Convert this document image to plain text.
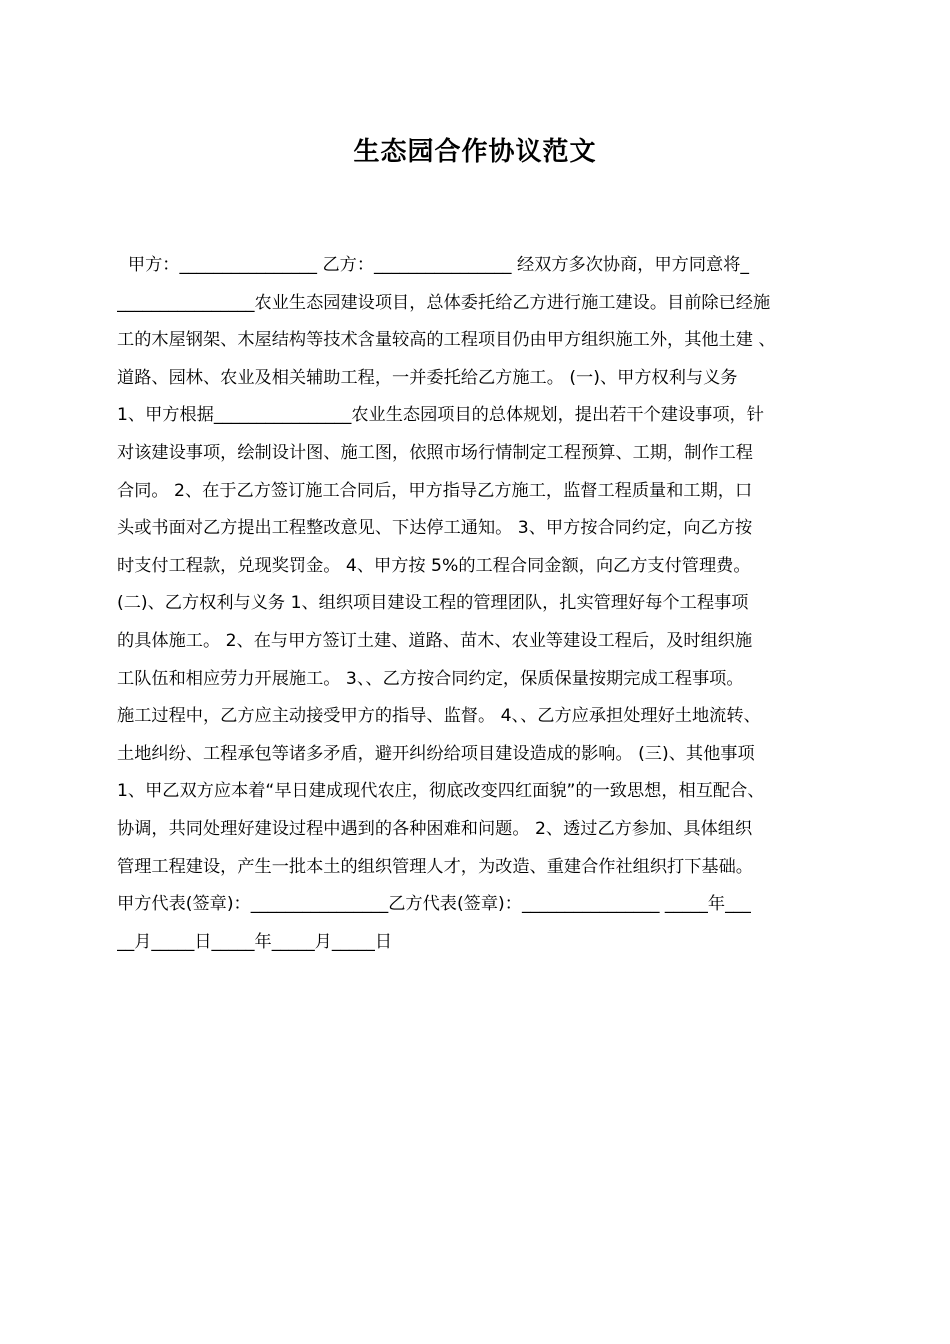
生态园合作协议范文
甲方：________________ 乙方：________________ 经双方多次协商，甲方同意将_
________________农业生态园建设项目，总体委托给乙方进行施工建设。目前除已经施
工的木屋钢架、木屋结构等技术含量较高的工程项目仍由甲方组织施工外，其他土建 、
道路、园林、农业及相关辅助工程，一并委托给乙方施工。 (一)、甲方权利与义务
1、甲方根据________________农业生态园项目的总体规划，提出若干个建设事项，针
对该建设事项，绘制设计图、施工图，依照市场行情制定工程预算、工期，制作工程
合同。 2、在于乙方签订施工合同后，甲方指导乙方施工，监督工程质量和工期，口
头或书面对乙方提出工程整改意见、下达停工通知。 3、甲方按合同约定，向乙方按
时支付工程款，兑现奖罚金。 4、甲方按 5%的工程合同金额，向乙方支付管理费。
(二)、乙方权利与义务 1、组织项目建设工程的管理团队，扎实管理好每个工程事项
的具体施工。 2、在与甲方签订土建、道路、苗木、农业等建设工程后，及时组织施
工队伍和相应劳力开展施工。 3、、乙方按合同约定，保质保量按期完成工程事项。
施工过程中，乙方应主动接受甲方的指导、监督。 4、、乙方应承担处理好土地流转、
土地纠纷、工程承包等诸多矛盾，避开纠纷给项目建设造成的影响。 (三)、其他事项
1、甲乙双方应本着“早日建成现代农庄，彻底改变四红面貌”的一致思想，相互配合、
协调，共同处理好建设过程中遇到的各种困难和问题。 2、透过乙方参加、具体组织
管理工程建设，产生一批本土的组织管理人才，为改造、重建合作社组织打下基础。
甲方代表(签章)：________________乙方代表(签章)：________________ _____年___
__月_____日_____年_____月_____日
